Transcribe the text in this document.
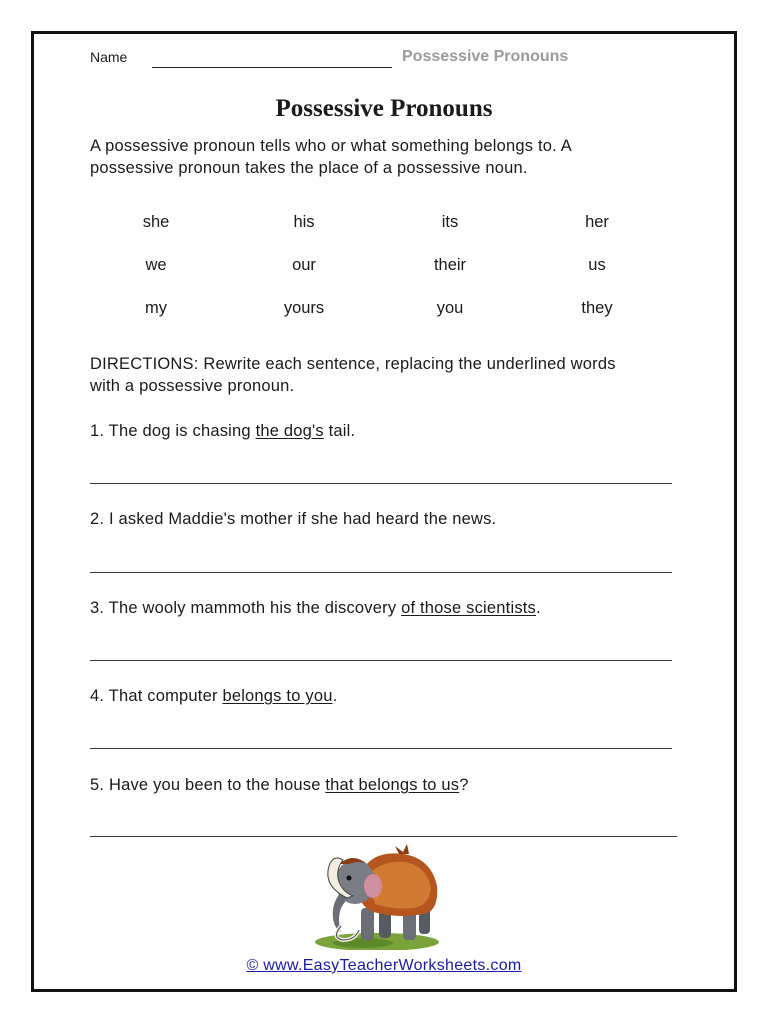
Name	Possessive Pronouns
Possessive Pronouns
A possessive pronoun tells who or what something belongs to. A
possessive pronoun takes the place of a possessive noun.
she	his	its	her
we	our	their	us
my	yours	you	they
DIRECTIONS: Rewrite each sentence, replacing the underlined words
with a possessive pronoun.
1. The dog is chasing the dog's tail.
2. I asked Maddie's mother if she had heard the news.
3. The wooly mammoth his the discovery of those scientists.
4. That computer belongs to you.
5. Have you been to the house that belongs to us?
© www.EasyTeacherWorksheets.com
